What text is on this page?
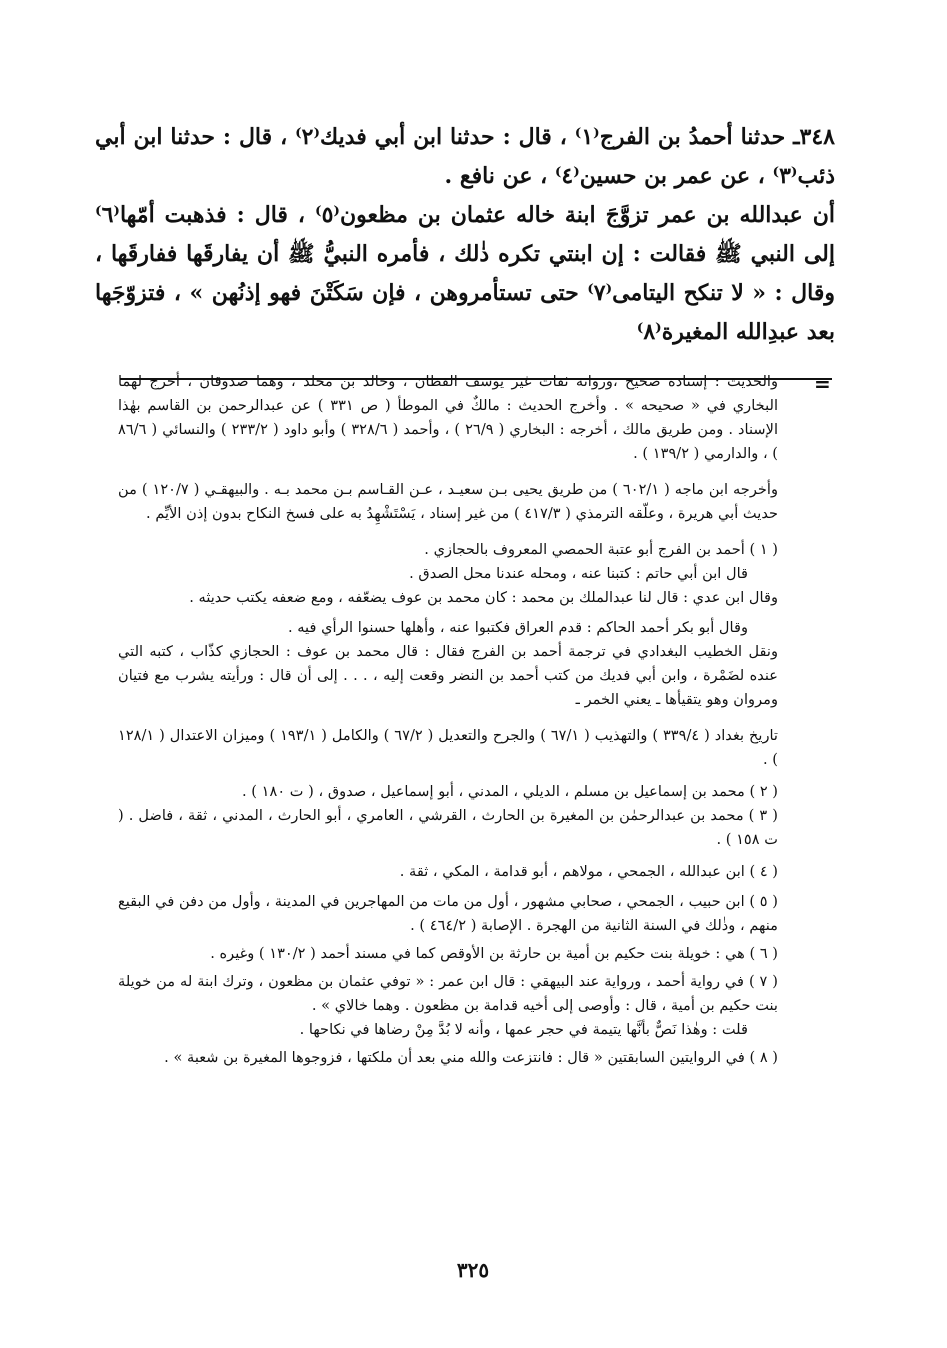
٣٤٨ـ حدثنا أحمدُ بن الفرج⁽١⁾ ، قال : حدثنا ابن أبي فديك⁽٢⁾ ، قال : حدثنا ابن أبي ذئب⁽٣⁾ ، عن عمر بن حسين⁽٤⁾ ، عن نافع .

أن عبدالله بن عمر تزوَّجَ ابنة خاله عثمان بن مظعون⁽٥⁾ ، قال : فذهبت أمّها⁽٦⁾ إلى النبي ﷺ فقالت : إن ابنتي تكره ذٰلك ، فأمره النبيُّ ﷺ أن يفارقَها ففارقَها ، وقال : « لا تنكح اليتامى⁽٧⁾ حتى تستأمروهن ، فإن سَكَتْنَ فهو إذنُهن » ، فتزوّجَها بعد عبدِالله المغيرة⁽٨⁾

=

والحديث : إسناده صحيح ،ورواته ثقات غير يوسف القطان ، وخالد بن مخلد ، وهما صدوقان ، أخرج لهما البخاري في « صحيحه » . وأخرج الحديث : مالكٌ في الموطأ ( ص ٣٣١ ) عن عبدالرحمن بن القاسم بهٰذا الإسناد . ومن طريق مالك ، أخرجه : البخاري ( ٢٦/٩ ) ، وأحمد ( ٣٢٨/٦ ) وأبو داود ( ٢٣٣/٢ ) والنسائي ( ٨٦/٦ ) ، والدارمي ( ١٣٩/٢ ) .

وأخرجه ابن ماجه ( ٦٠٢/١ ) من طريق يحيى بـن سعيـد ، عـن القـاسم بـن محمد بـه . والبيهقـي ( ١٢٠/٧ ) من حديث أبي هريرة ، وعلّقه الترمذي ( ٤١٧/٣ ) من غير إسناد ، يَسْتَشْهِدُ به على فسخ النكاح بدون إذن الأيِّم .

( ١ ) أحمد بن الفرج أبو عتبة الحمصي المعروف بالحجازي .

قال ابن أبي حاتم : كتبنا عنه ، ومحله عندنا محل الصدق .

وقال ابن عدي : قال لنا عبدالملك بن محمد : كان محمد بن عوف يضعّفه ، ومع ضعفه يكتب حديثه .

وقال أبو بكر أحمد الحاكم : قدم العراق فكتبوا عنه ، وأهلها حسنوا الرأي فيه .

ونقل الخطيب البغدادي في ترجمة أحمد بن الفرج فقال : قال محمد بن عوف : الحجازي كذّاب ، كتبه التي عنده لضَمْرة ، وابن أبي فديك من كتب أحمد بن النضر وقعت إليه ، . . . إلى أن قال : ورأيته يشرب مع فتيان ومروان وهو يتقيأها ـ يعني الخمر ـ

تاريخ بغداد ( ٣٣٩/٤ ) والتهذيب ( ٦٧/١ ) والجرح والتعديل ( ٦٧/٢ ) والكامل ( ١٩٣/١ ) وميزان الاعتدال ( ١٢٨/١ ) .

( ٢ ) محمد بن إسماعيل بن مسلم ، الديلي ، المدني ، أبو إسماعيل ، صدوق ، ( ت ١٨٠ ) .

( ٣ ) محمد بن عبدالرحمٰن بن المغيرة بن الحارث ، القرشي ، العامري ، أبو الحارث ، المدني ، ثقة ، فاضل . ( ت ١٥٨ ) .

( ٤ ) ابن عبدالله ، الجمحي ، مولاهم ، أبو قدامة ، المكي ، ثقة .

( ٥ ) ابن حبيب ، الجمحي ، صحابي مشهور ، أول من مات من المهاجرين في المدينة ، وأول من دفن في البقيع منهم ، وذٰلك في السنة الثانية من الهجرة . الإصابة ( ٤٦٤/٢ ) .

( ٦ ) هي : خويلة بنت حكيم بن أمية بن حارثة بن الأوقص كما في مسند أحمد ( ١٣٠/٢ ) وغيره .

( ٧ ) في رواية أحمد ، ورواية عند البيهقي : قال ابن عمر : « توفي عثمان بن مظعون ، وترك ابنة له من خويلة بنت حكيم بن أمية ، قال : وأوصى إلى أخيه قدامة بن مظعون . وهما خالاي » .

قلت : وهٰذا نَصٌّ بأنَّها يتيمة في حجر عمها ، وأنه لا بُدَّ مِنْ رضاها في نكاحها .

( ٨ ) في الروايتين السابقتين « قال : فانتزعت والله مني بعد أن ملكتها ، فزوجوها المغيرة بن شعبة » .

٣٢٥
